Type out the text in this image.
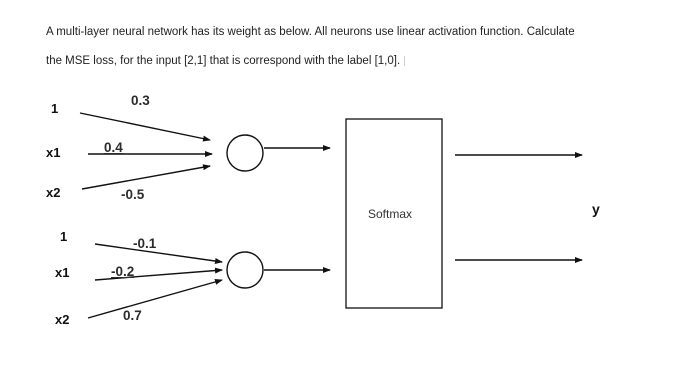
A multi-layer neural network has its weight as below. All neurons use linear activation function. Calculate
the MSE loss, for the input [2,1] that is correspond with the label [1,0].
1
x1
x2
0.3
0.4
-0.5
1
x1
x2
-0.1
-0.2
0.7
Softmax	y
